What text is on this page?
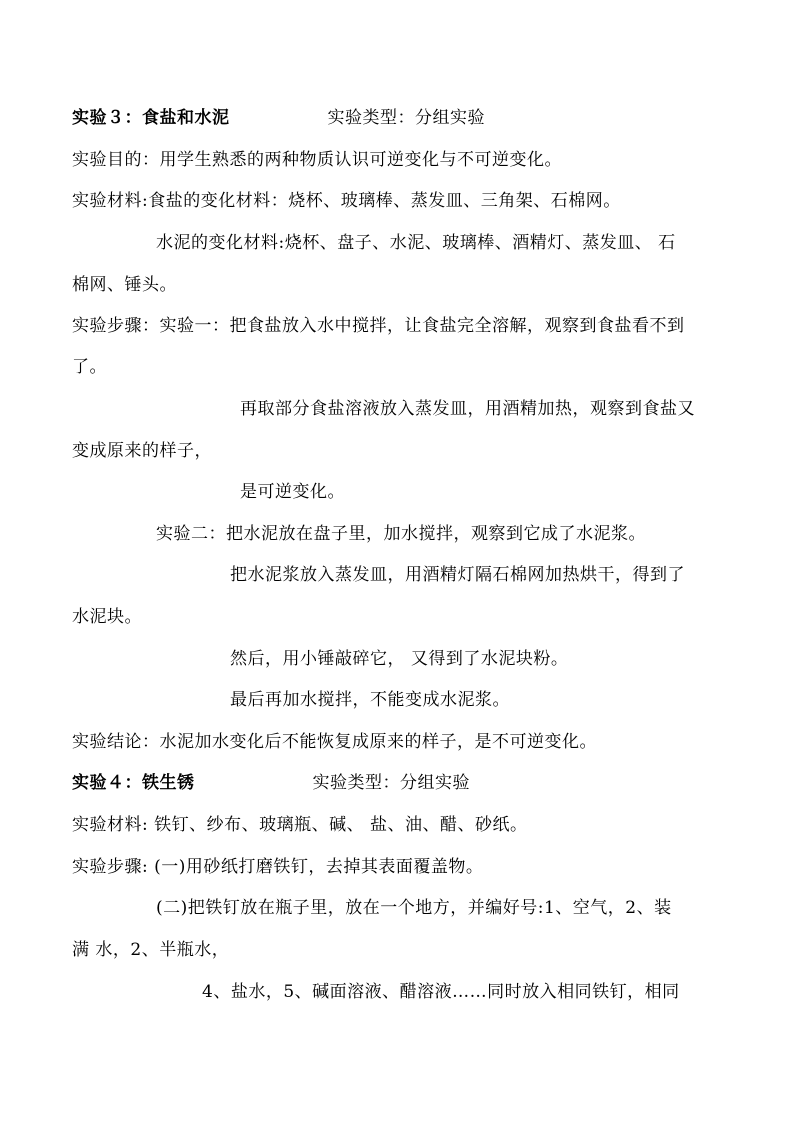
实验３：食盐和水泥	实验类型：分组实验
实验目的：用学生熟悉的两种物质认识可逆变化与不可逆变化。
实验材料:食盐的变化材料：烧杯、玻璃棒、蒸发皿、三角架、石棉网。
水泥的变化材料:烧杯、盘子、水泥、玻璃棒、酒精灯、蒸发皿、 石
棉网、锤头。
实验步骤：实验一：把食盐放入水中搅拌，让食盐完全溶解，观察到食盐看不到
了。
再取部分食盐溶液放入蒸发皿，用酒精加热，观察到食盐又
变成原来的样子，
是可逆变化。
实验二：把水泥放在盘子里，加水搅拌，观察到它成了水泥浆。
把水泥浆放入蒸发皿，用酒精灯隔石棉网加热烘干，得到了
水泥块。
然后，用小锤敲碎它， 又得到了水泥块粉。
最后再加水搅拌，不能变成水泥浆。
实验结论：水泥加水变化后不能恢复成原来的样子，是不可逆变化。
实验４：铁生锈	实验类型：分组实验
实验材料: 铁钉、纱布、玻璃瓶、碱、 盐、油、醋、砂纸。
实验步骤: (一)用砂纸打磨铁钉，去掉其表面覆盖物。
(二)把铁钉放在瓶子里，放在一个地方，并编好号:1、空气，2、装
满 水，2、半瓶水，
4、盐水，5、碱面溶液、醋溶液……同时放入相同铁钉，相同
